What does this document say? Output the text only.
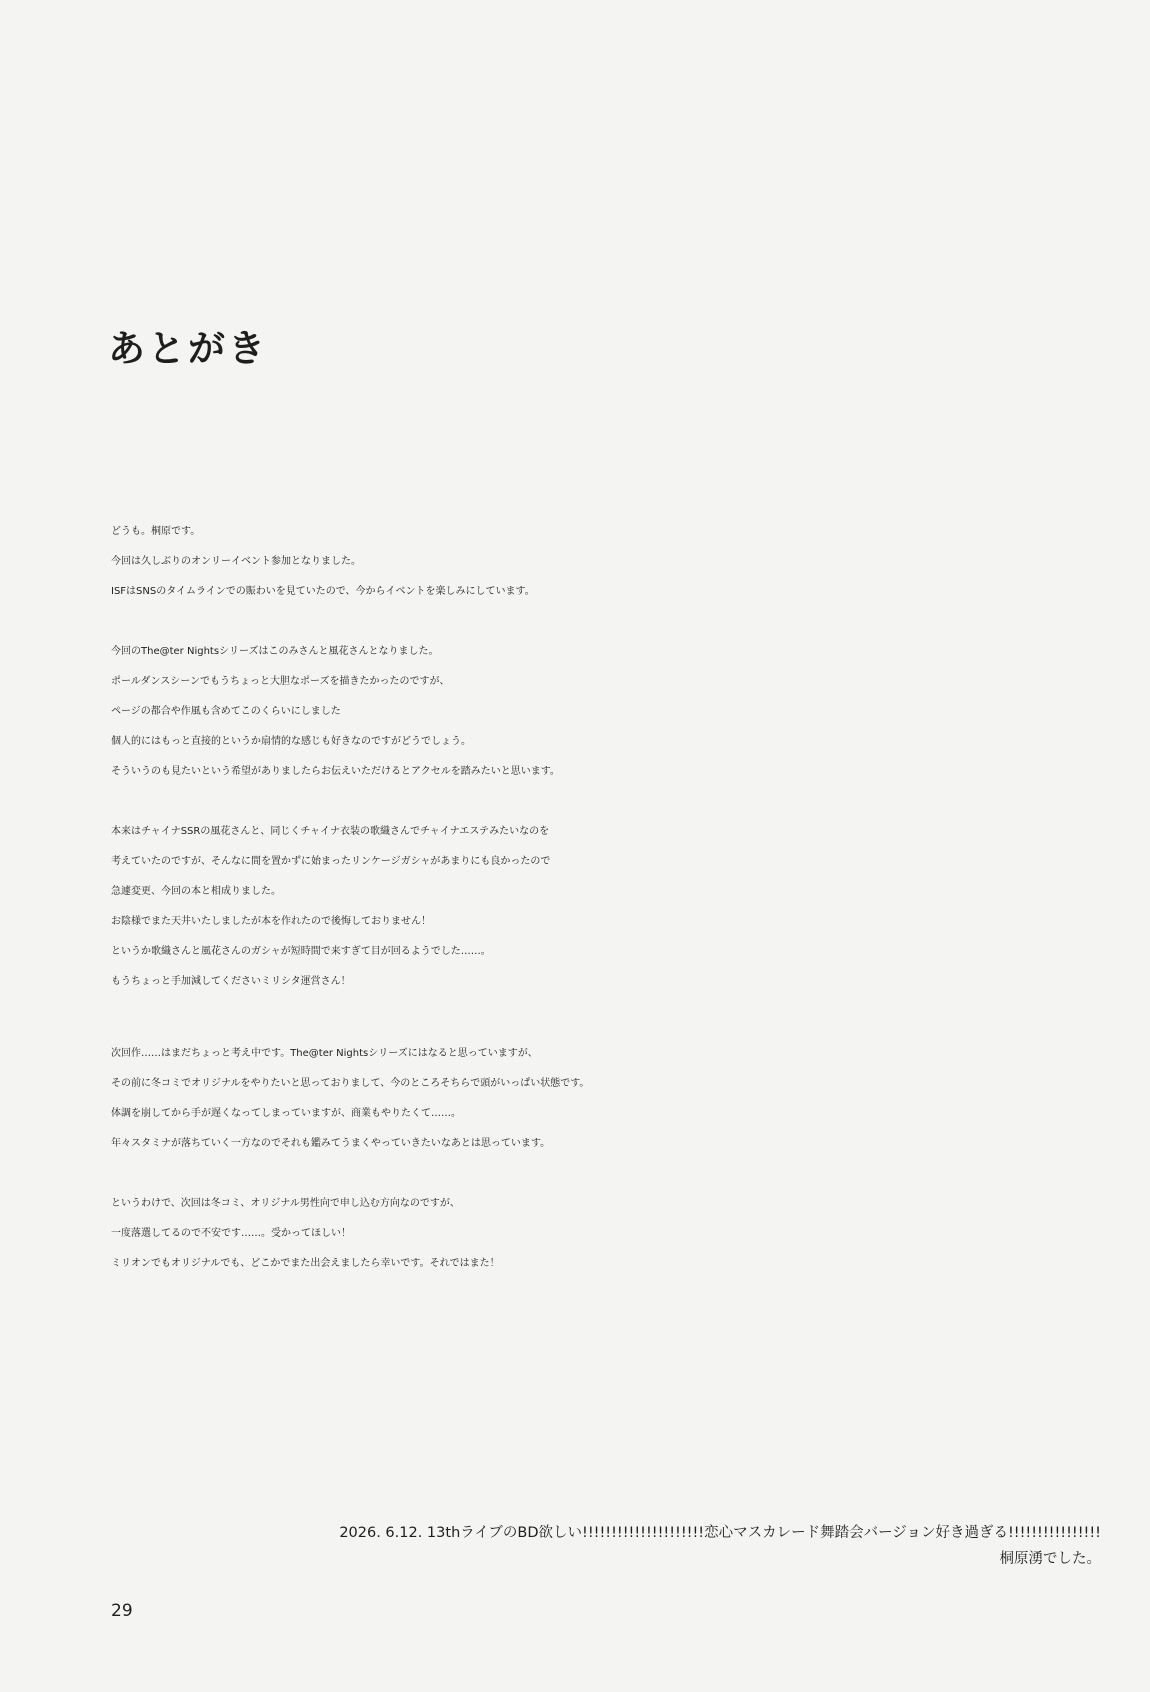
あとがき

どうも。桐原です。
今回は久しぶりのオンリーイベント参加となりました。
ISFはSNSのタイムラインでの賑わいを見ていたので、今からイベントを楽しみにしています。

今回のThe@ter Nightsシリーズはこのみさんと風花さんとなりました。
ポールダンスシーンでもうちょっと大胆なポーズを描きたかったのですが、
ページの都合や作風も含めてこのくらいにしました
個人的にはもっと直接的というか扇情的な感じも好きなのですがどうでしょう。
そういうのも見たいという希望がありましたらお伝えいただけるとアクセルを踏みたいと思います。

本来はチャイナSSRの風花さんと、同じくチャイナ衣装の歌織さんでチャイナエステみたいなのを
考えていたのですが、そんなに間を置かずに始まったリンケージガシャがあまりにも良かったので
急遽変更、今回の本と相成りました。
お陰様でまた天井いたしましたが本を作れたので後悔しておりません！
というか歌織さんと風花さんのガシャが短時間で来すぎて目が回るようでした……。
もうちょっと手加減してくださいミリシタ運営さん！

次回作……はまだちょっと考え中です。The@ter Nightsシリーズにはなると思っていますが、
その前に冬コミでオリジナルをやりたいと思っておりまして、今のところそちらで頭がいっぱい状態です。
体調を崩してから手が遅くなってしまっていますが、商業もやりたくて……。
年々スタミナが落ちていく一方なのでそれも鑑みてうまくやっていきたいなあとは思っています。

というわけで、次回は冬コミ、オリジナル男性向で申し込む方向なのですが、
一度落選してるので不安です……。受かってほしい！
ミリオンでもオリジナルでも、どこかでまた出会えましたら幸いです。それではまた！

2026. 6.12. 13thライブのBD欲しい!!!!!!!!!!!!!!!!!!!!!恋心マスカレード舞踏会バージョン好き過ぎる!!!!!!!!!!!!!!!!
桐原湧でした。
29
